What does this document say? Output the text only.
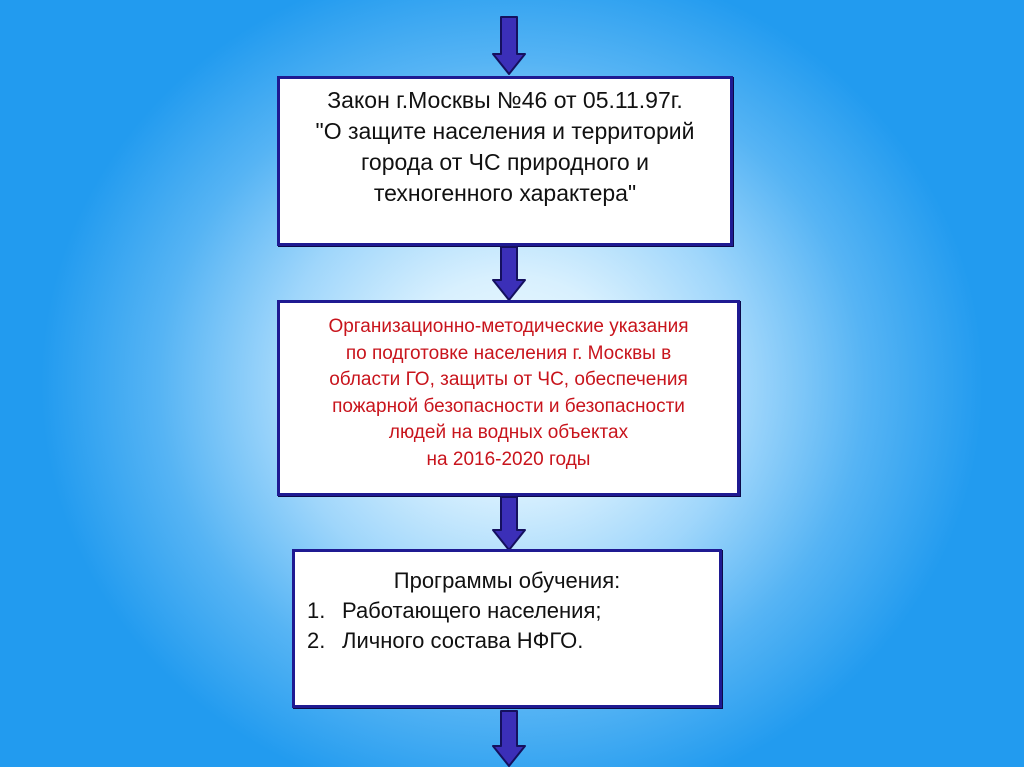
Закон г.Москвы №46 от 05.11.97г.
"О защите населения и территорий
города от ЧС природного и
техногенного характера"

Организационно-методические указания
по подготовке населения г. Москвы в
области ГО, защиты от ЧС, обеспечения
пожарной безопасности и безопасности
людей на водных объектах
на 2016-2020 годы

Программы обучения:
1. Работающего населения;
2. Личного состава НФГО.
